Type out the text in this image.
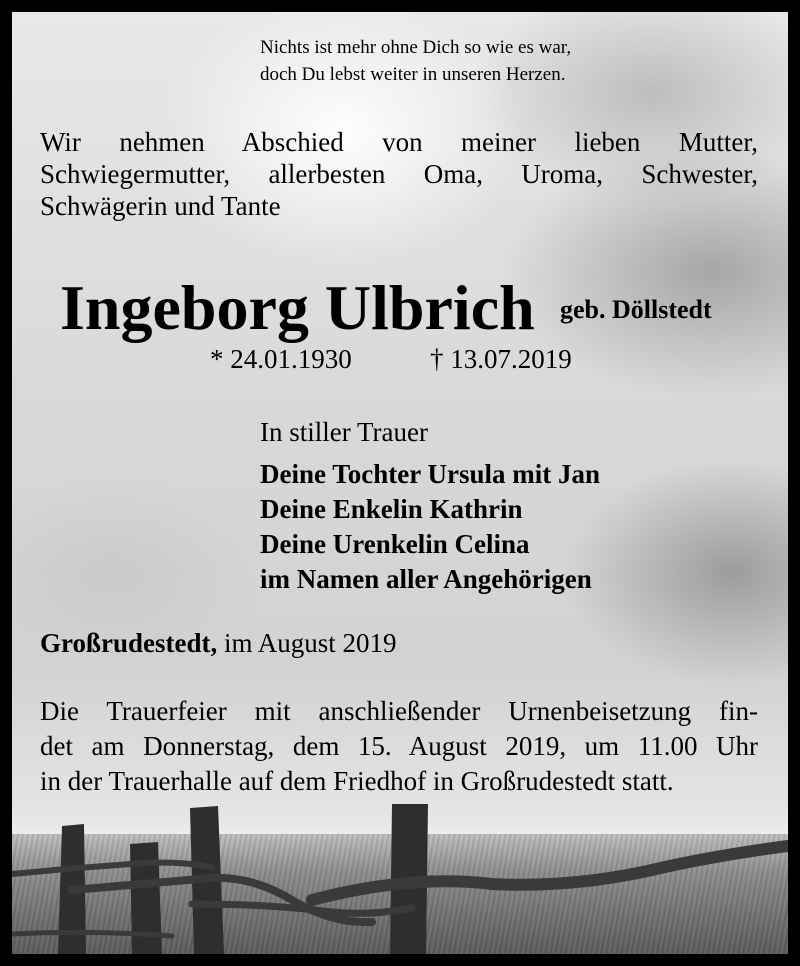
Nichts ist mehr ohne Dich so wie es war,
doch Du lebst weiter in unseren Herzen.

Wir nehmen Abschied von meiner lieben Mutter,
Schwiegermutter, allerbesten Oma, Uroma, Schwester,
Schwägerin und Tante

Ingeborg Ulbrich geb. Döllstedt

* 24.01.1930	† 13.07.2019

In stiller Trauer

Deine Tochter Ursula mit Jan
Deine Enkelin Kathrin
Deine Urenkelin Celina
im Namen aller Angehörigen

Großrudestedt, im August 2019

Die Trauerfeier mit anschließender Urnenbeisetzung fin-
det am Donnerstag, dem 15. August 2019, um 11.00 Uhr
in der Trauerhalle auf dem Friedhof in Großrudestedt statt.
